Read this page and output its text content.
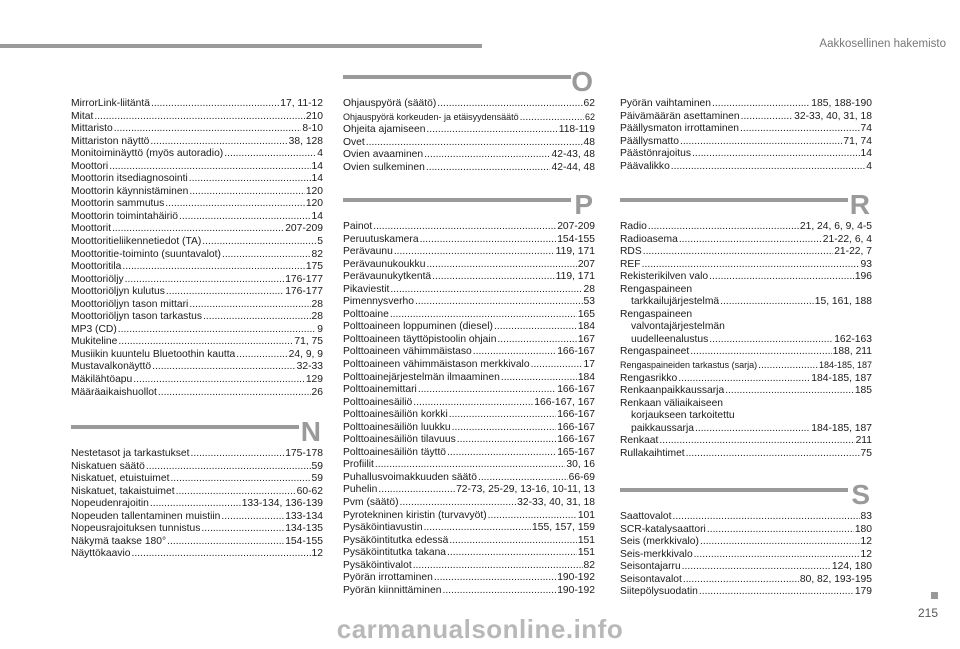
Aakkosellinen hakemisto
MirrorLink-liitäntä .....	17, 11-12
Mitat .....	210
Mittaristo .....	8-10
Mittariston näyttö .....	38, 128
Monitoiminäyttö (myös autoradio) .....	4
Moottori .....	14
Moottorin itsediagnosointi .....	14
Moottorin käynnistäminen .....	120
Moottorin sammutus .....	120
Moottorin toimintahäiriö .....	14
Moottorit .....	207-209
Moottoritieliikennetiedot (TA) .....	5
Moottoritie-toiminto (suuntavalot) .....	82
Moottoritila .....	175
Moottoriöljy .....	176-177
Moottoriöljyn kulutus .....	176-177
Moottoriöljyn tason mittari .....	28
Moottoriöljyn tason tarkastus .....	28
MP3 (CD) .....	9
Mukiteline .....	71, 75
Musiikin kuuntelu Bluetoothin kautta .....	24, 9, 9
Mustavalkonäyttö .....	32-33
Mäkilähtöapu .....	129
Määräaikaishuollot .....	26
N
Nestetasot ja tarkastukset .....	175-178
Niskatuen säätö .....	59
Niskatuet, etuistuimet .....	59
Niskatuet, takaistuimet .....	60-62
Nopeudenrajoitin .....	133-134, 136-139
Nopeuden tallentaminen muistiin .....	133-134
Nopeusrajoituksen tunnistus .....	134-135
Näkymä taakse 180° .....	154-155
Näyttökaavio .....	12
O
Ohjauspyörä (säätö) .....	62
Ohjauspyörä korkeuden- ja etäisyydensäätö .....	62
Ohjeita ajamiseen .....	118-119
Ovet .....	48
Ovien avaaminen .....	42-43, 48
Ovien sulkeminen .....	42-44, 48
P
Painot .....	207-209
Peruutuskamera .....	154-155
Perävaunu .....	119, 171
Perävaunukoukku .....	207
Perävaunukytkentä .....	119, 171
Pikaviestit .....	28
Pimennysverho .....	53
Polttoaine .....	165
Polttoaineen loppuminen (diesel) .....	184
Polttoaineen täyttöpistoolin ohjain .....	167
Polttoaineen vähimmäistaso .....	166-167
Polttoaineen vähimmäistason merkkivalo .....	17
Polttoainejärjestelmän ilmaaminen .....	184
Polttoainemittari .....	166-167
Polttoainesäiliö .....	166-167, 167
Polttoainesäiliön korkki .....	166-167
Polttoainesäiliön luukku .....	166-167
Polttoainesäiliön tilavuus .....	166-167
Polttoainesäiliön täyttö .....	165-167
Profiilit .....	30, 16
Puhallusvoimakkuuden säätö .....	66-69
Puhelin .....	72-73, 25-29, 13-16, 10-11, 13
Pvm (säätö) .....	32-33, 40, 31, 18
Pyrotekninen kiristin (turvavyöt) .....	101
Pysäköintiavustin .....	155, 157, 159
Pysäköintitutka edessä .....	151
Pysäköintitutka takana .....	151
Pysäköintivalot .....	82
Pyörän irrottaminen .....	190-192
Pyörän kiinnittäminen .....	190-192
Pyörän vaihtaminen .....	185, 188-190
Päivämäärän asettaminen .....	32-33, 40, 31, 18
Päällysmaton irrottaminen .....	74
Päällysmatto .....	71, 74
Päästönrajoitus .....	14
Päävalikko .....	4
R
Radio .....	21, 24, 6, 9, 4-5
Radioasema .....	21-22, 6, 4
RDS .....	21-22, 7
REF .....	93
Rekisterikilven valo .....	196
Rengaspaineen
tarkkailujärjestelmä .....	15, 161, 188
Rengaspaineen
valvontajärjestelmän
uudelleenalustus .....	162-163
Rengaspaineet .....	188, 211
Rengaspaineiden tarkastus (sarja) .....	184-185, 187
Rengasrikko .....	184-185, 187
Renkaanpaikkaussarja .....	185
Renkaan väliaikaiseen
korjaukseen tarkoitettu
paikkaussarja .....	184-185, 187
Renkaat .....	211
Rullakaihtimet .....	75
S
Saattovalot .....	83
SCR-katalysaattori .....	180
Seis (merkkivalo) .....	12
Seis-merkkivalo .....	12
Seisontajarru .....	124, 180
Seisontavalot .....	80, 82, 193-195
Siitepölysuodatin .....	179
215
carmanualsonline.info
